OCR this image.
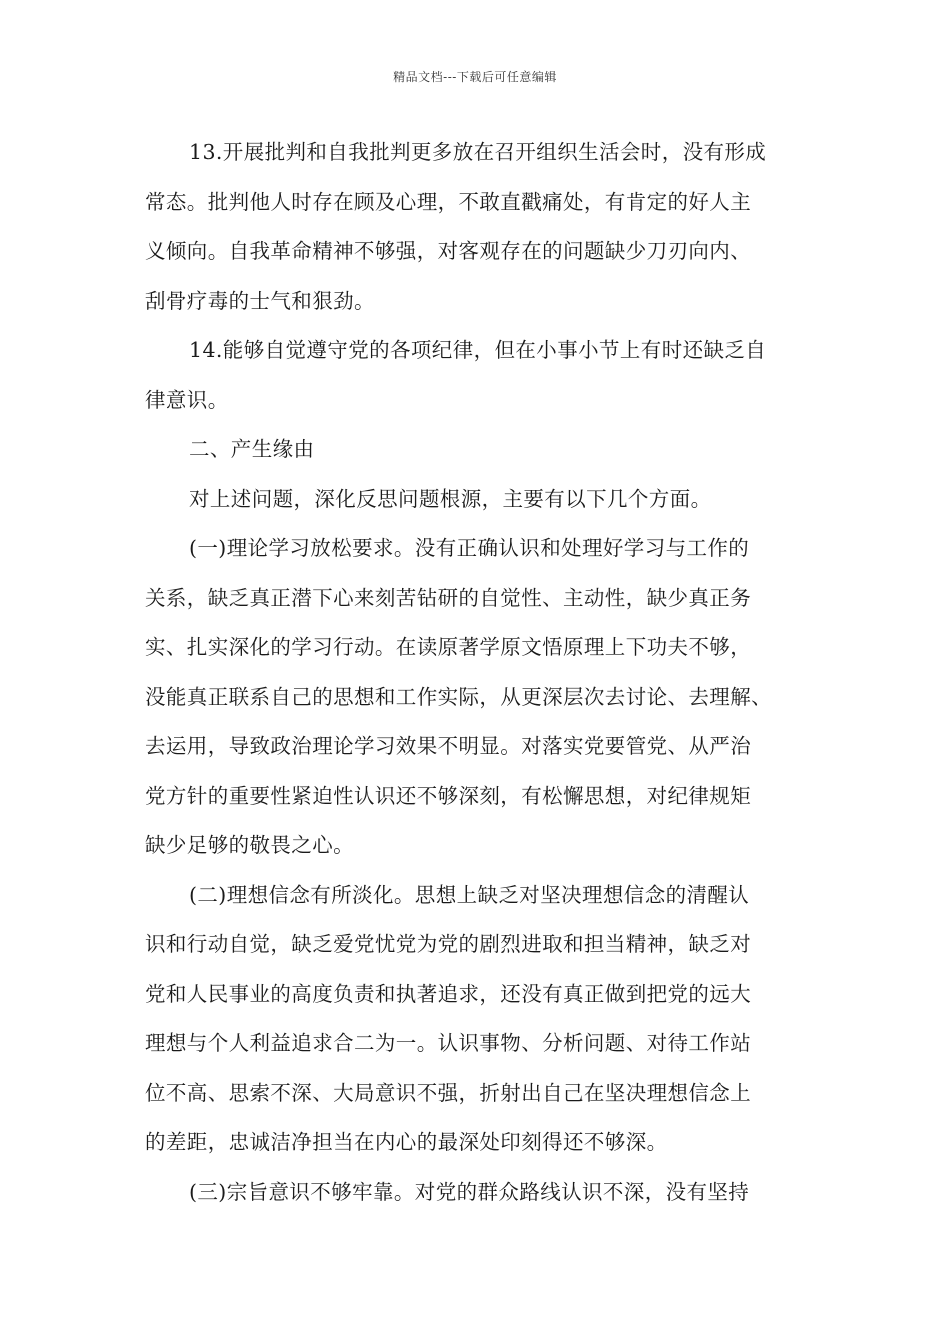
精品文档---下载后可任意编辑

13.开展批判和自我批判更多放在召开组织生活会时，没有形成
常态。批判他人时存在顾及心理，不敢直戳痛处，有肯定的好人主
义倾向。自我革命精神不够强，对客观存在的问题缺少刀刃向内、
刮骨疗毒的士气和狠劲。

14.能够自觉遵守党的各项纪律，但在小事小节上有时还缺乏自
律意识。

二、产生缘由

对上述问题，深化反思问题根源，主要有以下几个方面。

(一)理论学习放松要求。没有正确认识和处理好学习与工作的
关系，缺乏真正潜下心来刻苦钻研的自觉性、主动性，缺少真正务
实、扎实深化的学习行动。在读原著学原文悟原理上下功夫不够，
没能真正联系自己的思想和工作实际，从更深层次去讨论、去理解、
去运用，导致政治理论学习效果不明显。对落实党要管党、从严治
党方针的重要性紧迫性认识还不够深刻，有松懈思想，对纪律规矩
缺少足够的敬畏之心。

(二)理想信念有所淡化。思想上缺乏对坚决理想信念的清醒认
识和行动自觉，缺乏爱党忧党为党的剧烈进取和担当精神，缺乏对
党和人民事业的高度负责和执著追求，还没有真正做到把党的远大
理想与个人利益追求合二为一。认识事物、分析问题、对待工作站
位不高、思索不深、大局意识不强，折射出自己在坚决理想信念上
的差距，忠诚洁净担当在内心的最深处印刻得还不够深。

(三)宗旨意识不够牢靠。对党的群众路线认识不深，没有坚持
